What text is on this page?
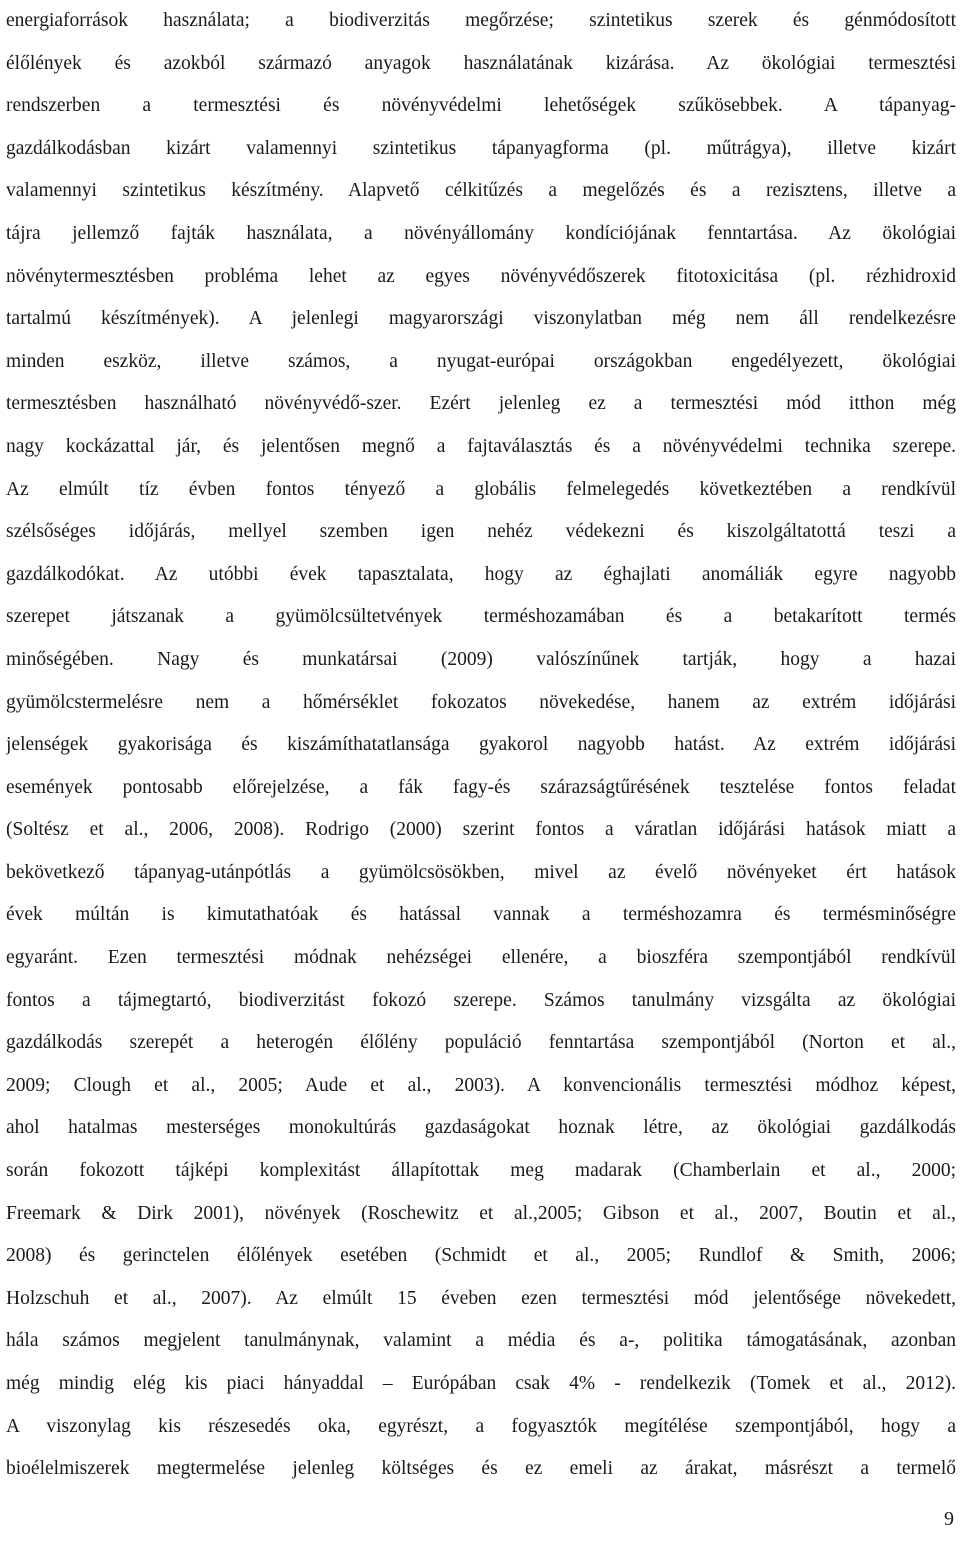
energiaforrások használata; a biodiverzitás megőrzése; szintetikus szerek és génmódosított
élőlények és azokból származó anyagok használatának kizárása. Az ökológiai termesztési
rendszerben a termesztési és növényvédelmi lehetőségek szűkösebbek. A tápanyag-
gazdálkodásban kizárt valamennyi szintetikus tápanyagforma (pl. műtrágya), illetve kizárt
valamennyi szintetikus készítmény. Alapvető célkitűzés a megelőzés és a rezisztens, illetve a
tájra jellemző fajták használata, a növényállomány kondíciójának fenntartása. Az ökológiai
növénytermesztésben probléma lehet az egyes növényvédőszerek fitotoxicitása (pl. rézhidroxid
tartalmú készítmények). A jelenlegi magyarországi viszonylatban még nem áll rendelkezésre
minden eszköz, illetve számos, a nyugat-európai országokban engedélyezett, ökológiai
termesztésben használható növényvédő-szer. Ezért jelenleg ez a termesztési mód itthon még
nagy kockázattal jár, és jelentősen megnő a fajtaválasztás és a növényvédelmi technika szerepe.
Az elmúlt tíz évben fontos tényező a globális felmelegedés következtében a rendkívül
szélsőséges időjárás, mellyel szemben igen nehéz védekezni és kiszolgáltatottá teszi a
gazdálkodókat. Az utóbbi évek tapasztalata, hogy az éghajlati anomáliák egyre nagyobb
szerepet játszanak a gyümölcsültetvények terméshozamában és a betakarított termés
minőségében. Nagy és munkatársai (2009) valószínűnek tartják, hogy a hazai
gyümölcstermelésre nem a hőmérséklet fokozatos növekedése, hanem az extrém időjárási
jelenségek gyakorisága és kiszámíthatatlansága gyakorol nagyobb hatást. Az extrém időjárási
események pontosabb előrejelzése, a fák fagy-és szárazságtűrésének tesztelése fontos feladat
(Soltész et al., 2006, 2008). Rodrigo (2000) szerint fontos a váratlan időjárási hatások miatt a
bekövetkező tápanyag-utánpótlás a gyümölcsösökben, mivel az évelő növényeket ért hatások
évek múltán is kimutathatóak és hatással vannak a terméshozamra és termésminőségre
egyaránt. Ezen termesztési módnak nehézségei ellenére, a bioszféra szempontjából rendkívül
fontos a tájmegtartó, biodiverzitást fokozó szerepe. Számos tanulmány vizsgálta az ökológiai
gazdálkodás szerepét a heterogén élőlény populáció fenntartása szempontjából (Norton et al.,
2009; Clough et al., 2005; Aude et al., 2003). A konvencionális termesztési módhoz képest,
ahol hatalmas mesterséges monokultúrás gazdaságokat hoznak létre, az ökológiai gazdálkodás
során fokozott tájképi komplexitást állapítottak meg madarak (Chamberlain et al., 2000;
Freemark & Dirk 2001), növények (Roschewitz et al.,2005; Gibson et al., 2007, Boutin et al.,
2008) és gerinctelen élőlények esetében (Schmidt et al., 2005; Rundlof & Smith, 2006;
Holzschuh et al., 2007). Az elmúlt 15 éveben ezen termesztési mód jelentősége növekedett,
hála számos megjelent tanulmánynak, valamint a média és a-, politika támogatásának, azonban
még mindig elég kis piaci hányaddal – Európában csak 4% - rendelkezik (Tomek et al., 2012).
A viszonylag kis részesedés oka, egyrészt, a fogyasztók megítélése szempontjából, hogy a
bioélelmiszerek megtermelése jelenleg költséges és ez emeli az árakat, másrészt a termelő
9
